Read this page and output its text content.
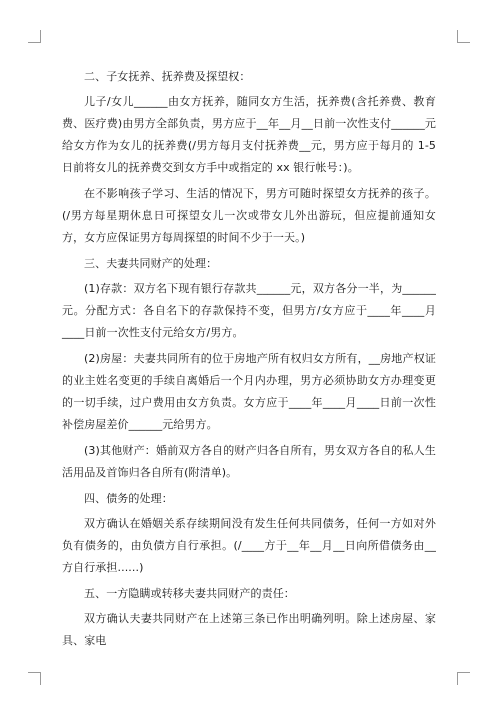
二、子女抚养、抚养费及探望权：

儿子/女儿______由女方抚养，随同女方生活，抚养费(含托养费、教育费、医疗费)由男方全部负责，男方应于__年__月__日前一次性支付______元给女方作为女儿的抚养费(/男方每月支付抚养费__元，男方应于每月的 1-5 日前将女儿的抚养费交到女方手中或指定的 xx 银行帐号：)。

在不影响孩子学习、生活的情况下，男方可随时探望女方抚养的孩子。(/男方每星期休息日可探望女儿一次或带女儿外出游玩，但应提前通知女方，女方应保证男方每周探望的时间不少于一天。)

三、夫妻共同财产的处理：

(1)存款：双方名下现有银行存款共______元，双方各分一半，为______元。分配方式：各自名下的存款保持不变，但男方/女方应于____年____月____日前一次性支付元给女方/男方。

(2)房屋：夫妻共同所有的位于房地产所有权归女方所有，__房地产权证的业主姓名变更的手续自离婚后一个月内办理，男方必须协助女方办理变更的一切手续，过户费用由女方负责。女方应于____年____月____日前一次性补偿房屋差价______元给男方。

(3)其他财产：婚前双方各自的财产归各自所有，男女双方各自的私人生活用品及首饰归各自所有(附清单)。

四、债务的处理：

双方确认在婚姻关系存续期间没有发生任何共同债务，任何一方如对外负有债务的，由负债方自行承担。(/____方于__年__月__日向所借债务由__方自行承担......)

五、一方隐瞒或转移夫妻共同财产的责任：

双方确认夫妻共同财产在上述第三条已作出明确列明。除上述房屋、家具、家电
